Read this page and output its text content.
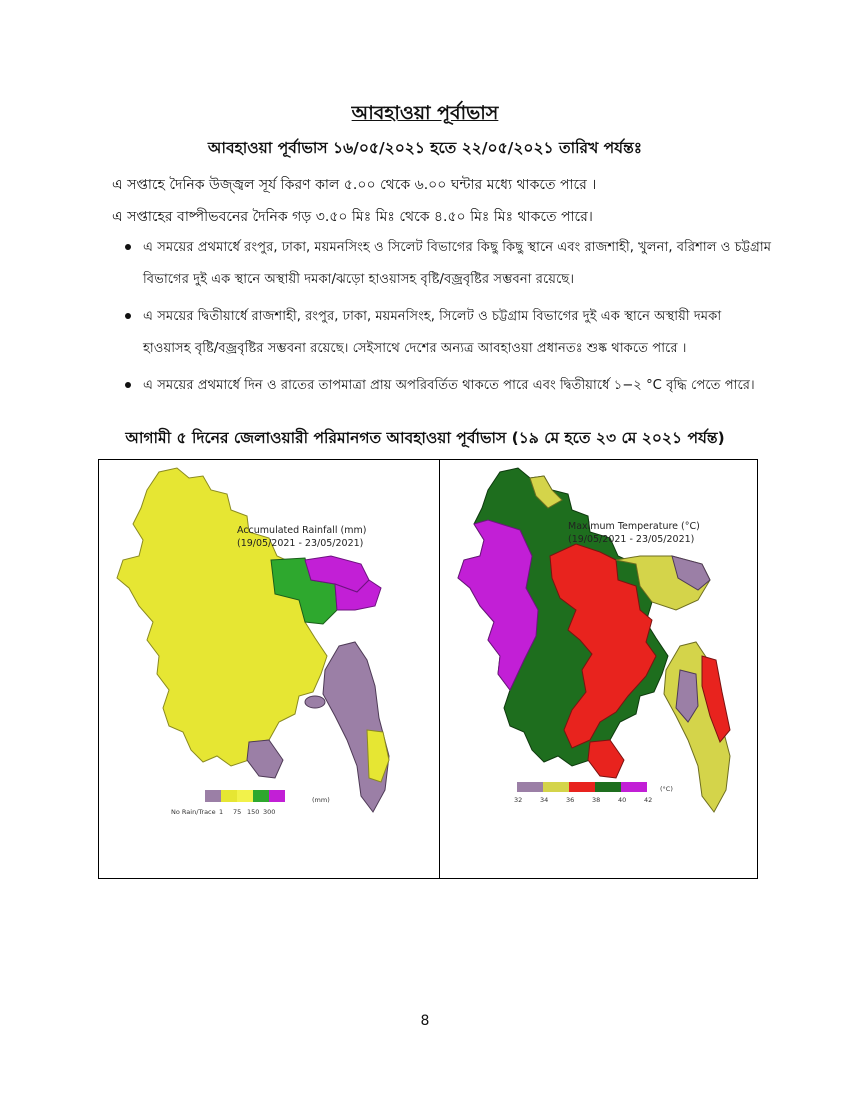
আবহাওয়া পূর্বাভাস
আবহাওয়া পূর্বাভাস ১৬/০৫/২০২১ হতে ২২/০৫/২০২১ তারিখ পর্যন্তঃ
এ সপ্তাহে দৈনিক উজ্জ্বল সূর্য কিরণ কাল ৫.০০ থেকে ৬.০০ ঘন্টার মধ্যে থাকতে পারে ।
এ সপ্তাহের বাষ্পীভবনের দৈনিক গড় ৩.৫০ মিঃ মিঃ থেকে ৪.৫০ মিঃ মিঃ থাকতে পারে।
এ সময়ের প্রথমার্ধে রংপুর, ঢাকা, ময়মনসিংহ ও সিলেট বিভাগের কিছু কিছু স্থানে এবং রাজশাহী, খুলনা, বরিশাল ও চট্টগ্রাম বিভাগের দুই এক স্থানে অস্থায়ী দমকা/ঝড়ো হাওয়াসহ বৃষ্টি/বজ্রবৃষ্টির সম্ভবনা রয়েছে।
এ সময়ের দ্বিতীয়ার্ধে রাজশাহী, রংপুর, ঢাকা, ময়মনসিংহ, সিলেট ও চট্টগ্রাম বিভাগের দুই এক স্থানে অস্থায়ী দমকা হাওয়াসহ বৃষ্টি/বজ্রবৃষ্টির সম্ভবনা রয়েছে। সেইসাথে দেশের অন্যত্র আবহাওয়া প্রধানতঃ শুষ্ক থাকতে পারে ।
এ সময়ের প্রথমার্ধে দিন ও রাতের তাপমাত্রা প্রায় অপরিবর্তিত থাকতে পারে এবং দ্বিতীয়ার্ধে ১−২ °C বৃদ্ধি পেতে পারে।
আগামী ৫ দিনের জেলাওয়ারী পরিমানগত আবহাওয়া পূর্বাভাস (১৯ মে হতে ২৩ মে ২০২১ পর্যন্ত)
Accumulated Rainfall (mm)
(19/05/2021 - 23/05/2021)
No Rain/Trace 1 75 150 300
(mm)
Maximum Temperature (°C)
(19/05/2021 - 23/05/2021)
32	34	36	38	40	42
(°C)
8
